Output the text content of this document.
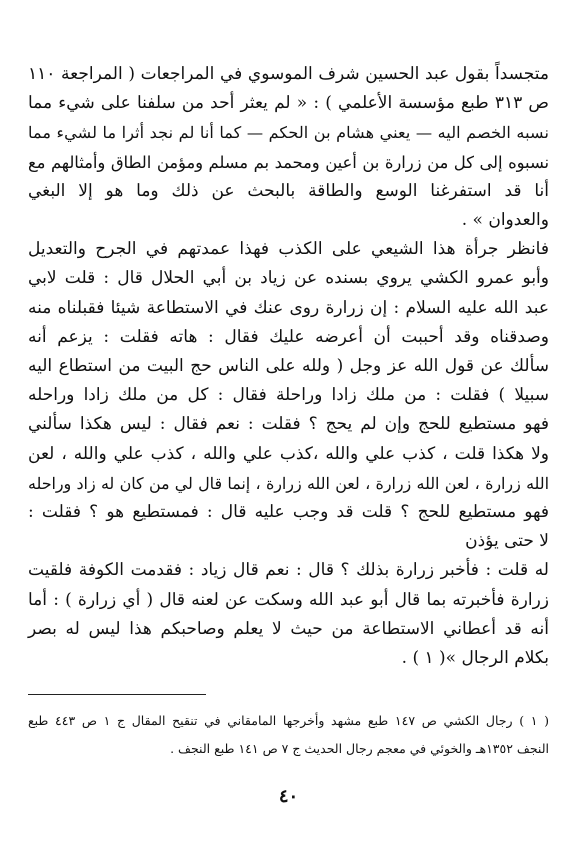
متجسداً بقول عبد الحسين شرف الموسوي في المراجعات ( المراجعة ١١٠
ص ٣١٣ طبع مؤسسة الأعلمي ) : « لم يعثر أحد من سلفنا على شيء مما
نسبه الخصم اليه — يعني هشام بن الحكم — كما أنا لم نجد أثرا ما لشيء مما
نسبوه إلى كل من زرارة بن أعين ومحمد بم مسلم ومؤمن الطاق وأمثالهم مع
أنا قد استفرغنا الوسع والطاقة بالبحث عن ذلك وما هو إلا البغي
والعدوان » .
فانظر جرأة هذا الشيعي على الكذب فهذا عمدتهم في الجرح والتعديل
وأبو عمرو الكشي يروي بسنده عن زياد بن أبي الحلال قال : قلت لابي
عبد الله عليه السلام : إن زرارة روى عنك في الاستطاعة شيئا فقبلناه منه
وصدقناه وقد أحببت أن أعرضه عليك فقال : هاته فقلت : يزعم أنه
سألك عن قول الله عز وجل ( ولله على الناس حج البيت من استطاع اليه
سبيلا ) فقلت : من ملك زادا وراحلة فقال : كل من ملك زادا وراحله
فهو مستطيع للحج وإن لم يحج ؟ فقلت : نعم فقال : ليس هكذا سألني
ولا هكذا قلت ، كذب علي والله ،كذب علي والله ، كذب علي والله ، لعن
الله زرارة ، لعن الله زرارة ، لعن الله زرارة ، إنما قال لي من كان له زاد وراحله
فهو مستطيع للحج ؟ قلت قد وجب عليه قال : فمستطيع هو ؟ فقلت :
لا حتى يؤذن
له قلت : فأخبر زرارة بذلك ؟ قال : نعم قال زياد : فقدمت الكوفة فلقيت
زرارة فأخبرته بما قال أبو عبد الله وسكت عن لعنه قال ( أي زرارة ) : أما
أنه قد أعطاني الاستطاعة من حيث لا يعلم وصاحبكم هذا ليس له بصر
بكلام الرجال »( ١ ) .
( ١ ) رجال الكشي ص ١٤٧ طبع مشهد وأخرجها المامقاني في تنقيح المقال ج ١ ص ٤٤٣ طبع
النجف ١٣٥٢هـ والخوئي في معجم رجال الحديث ج ٧ ص ١٤١ طبع النجف .
٤٠
